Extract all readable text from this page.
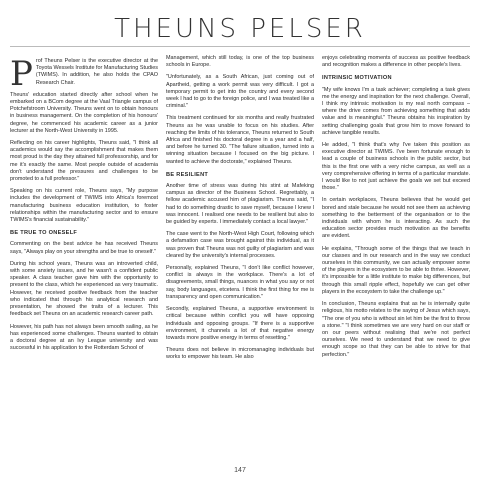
THEUNS PELSER

Prof Theuns Pelser is the executive director at the Toyota Wessels Institute for Manufacturing Studies (TWIMS). In addition, he also holds the CPAO Research Chair.

Theuns' education started directly after school when he embarked on a BCom degree at the Vaal Triangle campus of Potchefstroom University. Theuns went on to obtain honours in business management. On the completion of his honours' degree, he commenced his academic career as a junior lecturer at the North-West University in 1995.

Reflecting on his career highlights, Theuns said, "I think all academics would say the accomplishment that makes them most proud is the day they attained full professorship, and for me it's exactly the same. Most people outside of academia don't understand the pressures and challenges to be promoted to a full professor."

Speaking on his current role, Theuns says, "My purpose includes the development of TWIMS into Africa's foremost manufacturing business education institution, to foster relationships within the manufacturing sector and to ensure TWIMS's financial sustainability."

BE TRUE TO ONESELF

Commenting on the best advice he has received Theuns says, "Always play on your strengths and be true to oneself."

During his school years, Theuns was an introverted child, with some anxiety issues, and he wasn't a confident public speaker. A class teacher gave him with the opportunity to present to the class, which he experienced as very traumatic. However, he received positive feedback from the teacher who indicated that through his analytical research and presentation, he showed the traits of a lecturer. This feedback set Theuns on an academic research career path.

However, his path has not always been smooth sailing, as he has experienced some challenges. Theuns wanted to obtain a doctoral degree at an Ivy League university and was successful in his application to the Rotterdam School of

Management, which still today, is one of the top business schools in Europe.

"Unfortunately, as a South African, just coming out of Apartheid, getting a work permit was very difficult. I got a temporary permit to get into the country and every second week I had to go to the foreign police, and I was treated like a criminal."

This treatment continued for six months and really frustrated Theuns as he was unable to focus on his studies. After reaching the limits of his tolerance, Theuns returned to South Africa and finished his doctoral degree in a year and a half, and before he turned 30. "The failure situation, turned into a winning situation because I focused on the big picture. I wanted to achieve the doctorate," explained Theuns.

BE RESILIENT

Another time of stress was during his stint at Mafeking campus as director of the Business School. Regrettably, a fellow academic accused him of plagiarism. Theuns said, "I had to do something drastic to save myself, because I knew I was innocent. I realised one needs to be resilient but also to be guided by experts. I immediately contact a local lawyer."

The case went to the North-West High Court, following which a defamation case was brought against this individual, as it was proven that Theuns was not guilty of plagiarism and was cleared by the university's internal processes.

Personally, explained Theuns, "I don't like conflict however, conflict is always in the workplace. There's a lot of disagreements, small things, nuances in what you say or not say, body languages, etcetera. I think the first thing for me is transparency and open communication."

Secondly, explained Theuns, a supportive environment is critical because within conflict you will have opposing individuals and opposing groups. "If there is a supportive environment, it channels a lot of that negative energy towards more positive energy in terms of resetting."

Theuns does not believe in micromanaging individuals but works to empower his team. He also

enjoys celebrating moments of success as positive feedback and recognition makes a difference in other people's lives.

INTRINSIC MOTIVATION

"My wife knows I'm a task achiever; completing a task gives me the energy and inspiration for the next challenge. Overall, I think my intrinsic motivation is my real north compass – where the drive comes from achieving something that adds value and is meaningful." Theuns obtains his inspiration by setting challenging goals that grow him to move forward to achieve tangible results.

He added, "I think that's why I've taken this position as executive director at TWIMS. I've been fortunate enough to lead a couple of business schools in the public sector, but this is the first one with a very niche campus, as well as a very comprehensive offering in terms of a particular mandate. I would like to not just achieve the goals we set but exceed those."

In certain workplaces, Theuns believes that he would get bored and stale because he would not see them as achieving something to the betterment of the organisation or to the individuals with whom he is interacting. As such the education sector provides much motivation as the benefits are evident.

He explains, "Through some of the things that we teach in our classes and in our research and in the way we conduct ourselves in this community, we can actually empower some of the players in the ecosystem to be able to thrive. However, it's impossible for a little institute to make big differences, but through this small ripple effect, hopefully we can get other players in the ecosystem to take the challenge up."

In conclusion, Theuns explains that as he is internally quite religious, his motto relates to the saying of Jesus which says, "The one of you who is without sin let him be the first to throw a stone." "I think sometimes we are very hard on our staff or on our peers without realising that we're not perfect ourselves. We need to understand that we need to give enough scope so that they can be able to strive for that perfection."

147
